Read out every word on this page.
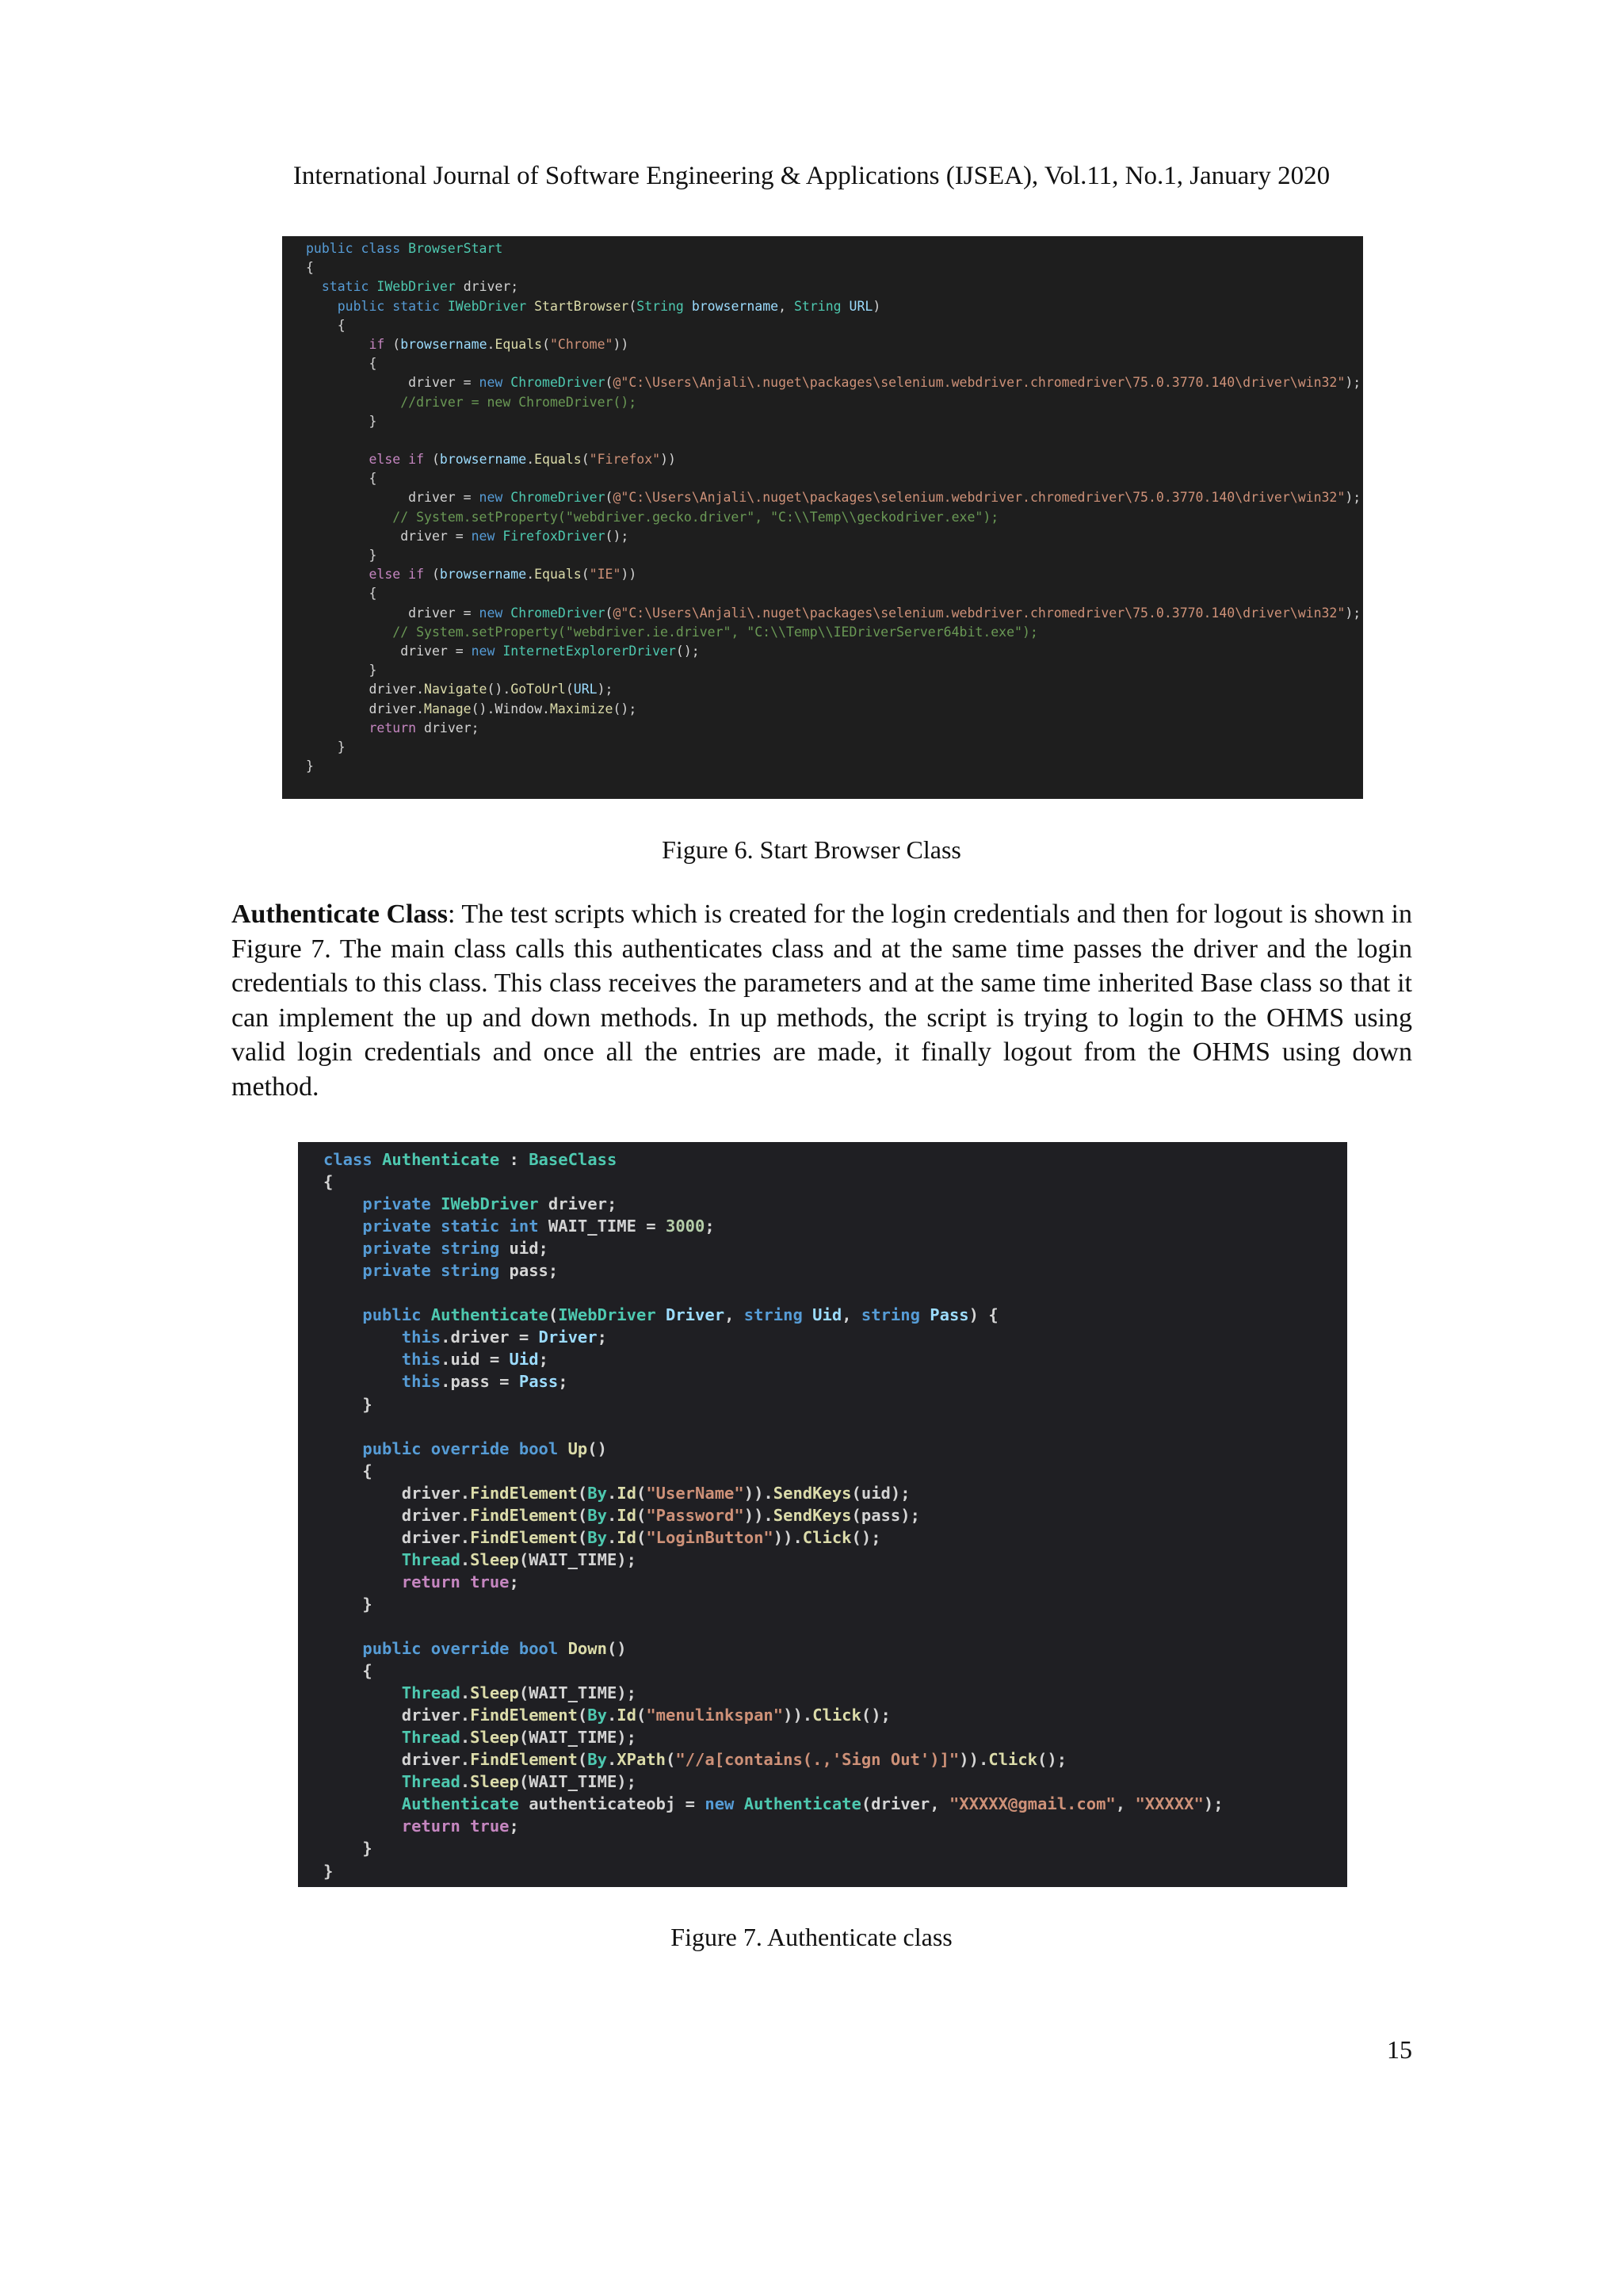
International Journal of Software Engineering & Applications (IJSEA), Vol.11, No.1, January 2020
public class BrowserStart
{
static IWebDriver driver;
public static IWebDriver StartBrowser(String browsername, String URL)
{
if (browsername.Equals("Chrome"))
{
driver = new ChromeDriver(@"C:\Users\Anjali\.nuget\packages\selenium.webdriver.chromedriver\75.0.3770.140\driver\win32");
//driver = new ChromeDriver();
}

else if (browsername.Equals("Firefox"))
{
driver = new ChromeDriver(@"C:\Users\Anjali\.nuget\packages\selenium.webdriver.chromedriver\75.0.3770.140\driver\win32");
// System.setProperty("webdriver.gecko.driver", "C:\\Temp\\geckodriver.exe");
driver = new FirefoxDriver();
}
else if (browsername.Equals("IE"))
{
driver = new ChromeDriver(@"C:\Users\Anjali\.nuget\packages\selenium.webdriver.chromedriver\75.0.3770.140\driver\win32");
// System.setProperty("webdriver.ie.driver", "C:\\Temp\\IEDriverServer64bit.exe");
driver = new InternetExplorerDriver();
}
driver.Navigate().GoToUrl(URL);
driver.Manage().Window.Maximize();
return driver;
}
}
Figure 6. Start Browser Class

Authenticate Class: The test scripts which is created for the login credentials and then for logout is shown in Figure 7. The main class calls this authenticates class and at the same time passes the driver and the login credentials to this class. This class receives the parameters and at the same time inherited Base class so that it can implement the up and down methods. In up methods, the script is trying to login to the OHMS using valid login credentials and once all the entries are made, it finally logout from the OHMS using down method.

class Authenticate : BaseClass
{
private IWebDriver driver;
private static int WAIT_TIME = 3000;
private string uid;
private string pass;

public Authenticate(IWebDriver Driver, string Uid, string Pass) {
this.driver = Driver;
this.uid = Uid;
this.pass = Pass;
}

public override bool Up()
{
driver.FindElement(By.Id("UserName")).SendKeys(uid);
driver.FindElement(By.Id("Password")).SendKeys(pass);
driver.FindElement(By.Id("LoginButton")).Click();
Thread.Sleep(WAIT_TIME);
return true;
}

public override bool Down()
{
Thread.Sleep(WAIT_TIME);
driver.FindElement(By.Id("menulinkspan")).Click();
Thread.Sleep(WAIT_TIME);
driver.FindElement(By.XPath("//a[contains(.,'Sign Out')]")).Click();
Thread.Sleep(WAIT_TIME);
Authenticate authenticateobj = new Authenticate(driver, "XXXXX@gmail.com", "XXXXX");
return true;
}
}
Figure 7. Authenticate class
15
